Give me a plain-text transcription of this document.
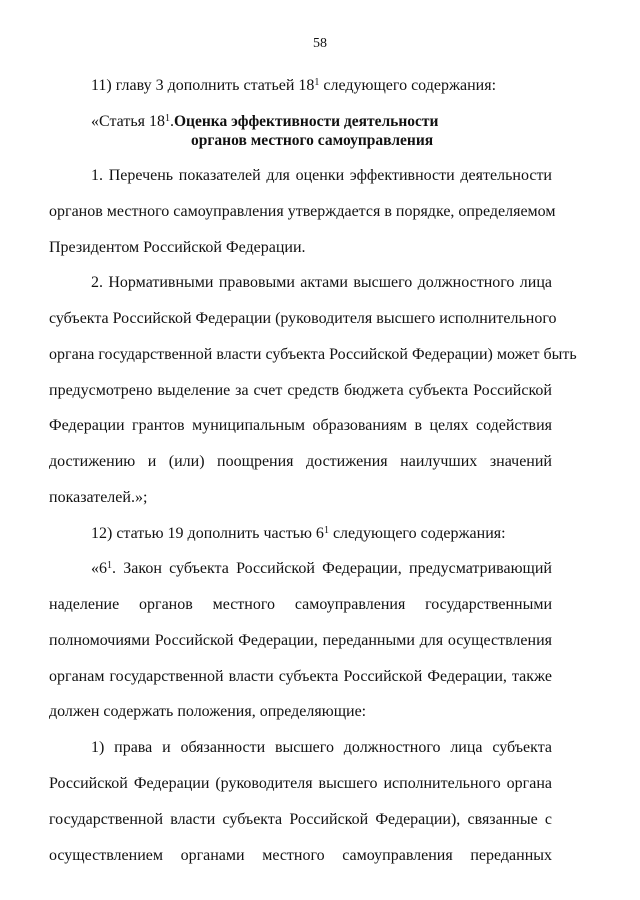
58
11) главу 3 дополнить статьей $18^1$ следующего содержания:
«Статья $18^1$. Оценка эффективности деятельности
органов местного самоуправления
1. Перечень показателей для оценки эффективности деятельности
органов местного самоуправления утверждается в порядке, определяемом
Президентом Российской Федерации.
2. Нормативными правовыми актами высшего должностного лица
субъекта Российской Федерации (руководителя высшего исполнительного
органа государственной власти субъекта Российской Федерации) может быть
предусмотрено выделение за счет средств бюджета субъекта Российской
Федерации грантов муниципальным образованиям в целях содействия
достижению и (или) поощрения достижения наилучших значений
показателей.»;
12) статью 19 дополнить частью $6^1$ следующего содержания:
«$6^1$. Закон субъекта Российской Федерации, предусматривающий
наделение органов местного самоуправления государственными
полномочиями Российской Федерации, переданными для осуществления
органам государственной власти субъекта Российской Федерации, также
должен содержать положения, определяющие:
1) права и обязанности высшего должностного лица субъекта
Российской Федерации (руководителя высшего исполнительного органа
государственной власти субъекта Российской Федерации), связанные с
осуществлением органами местного самоуправления переданных
